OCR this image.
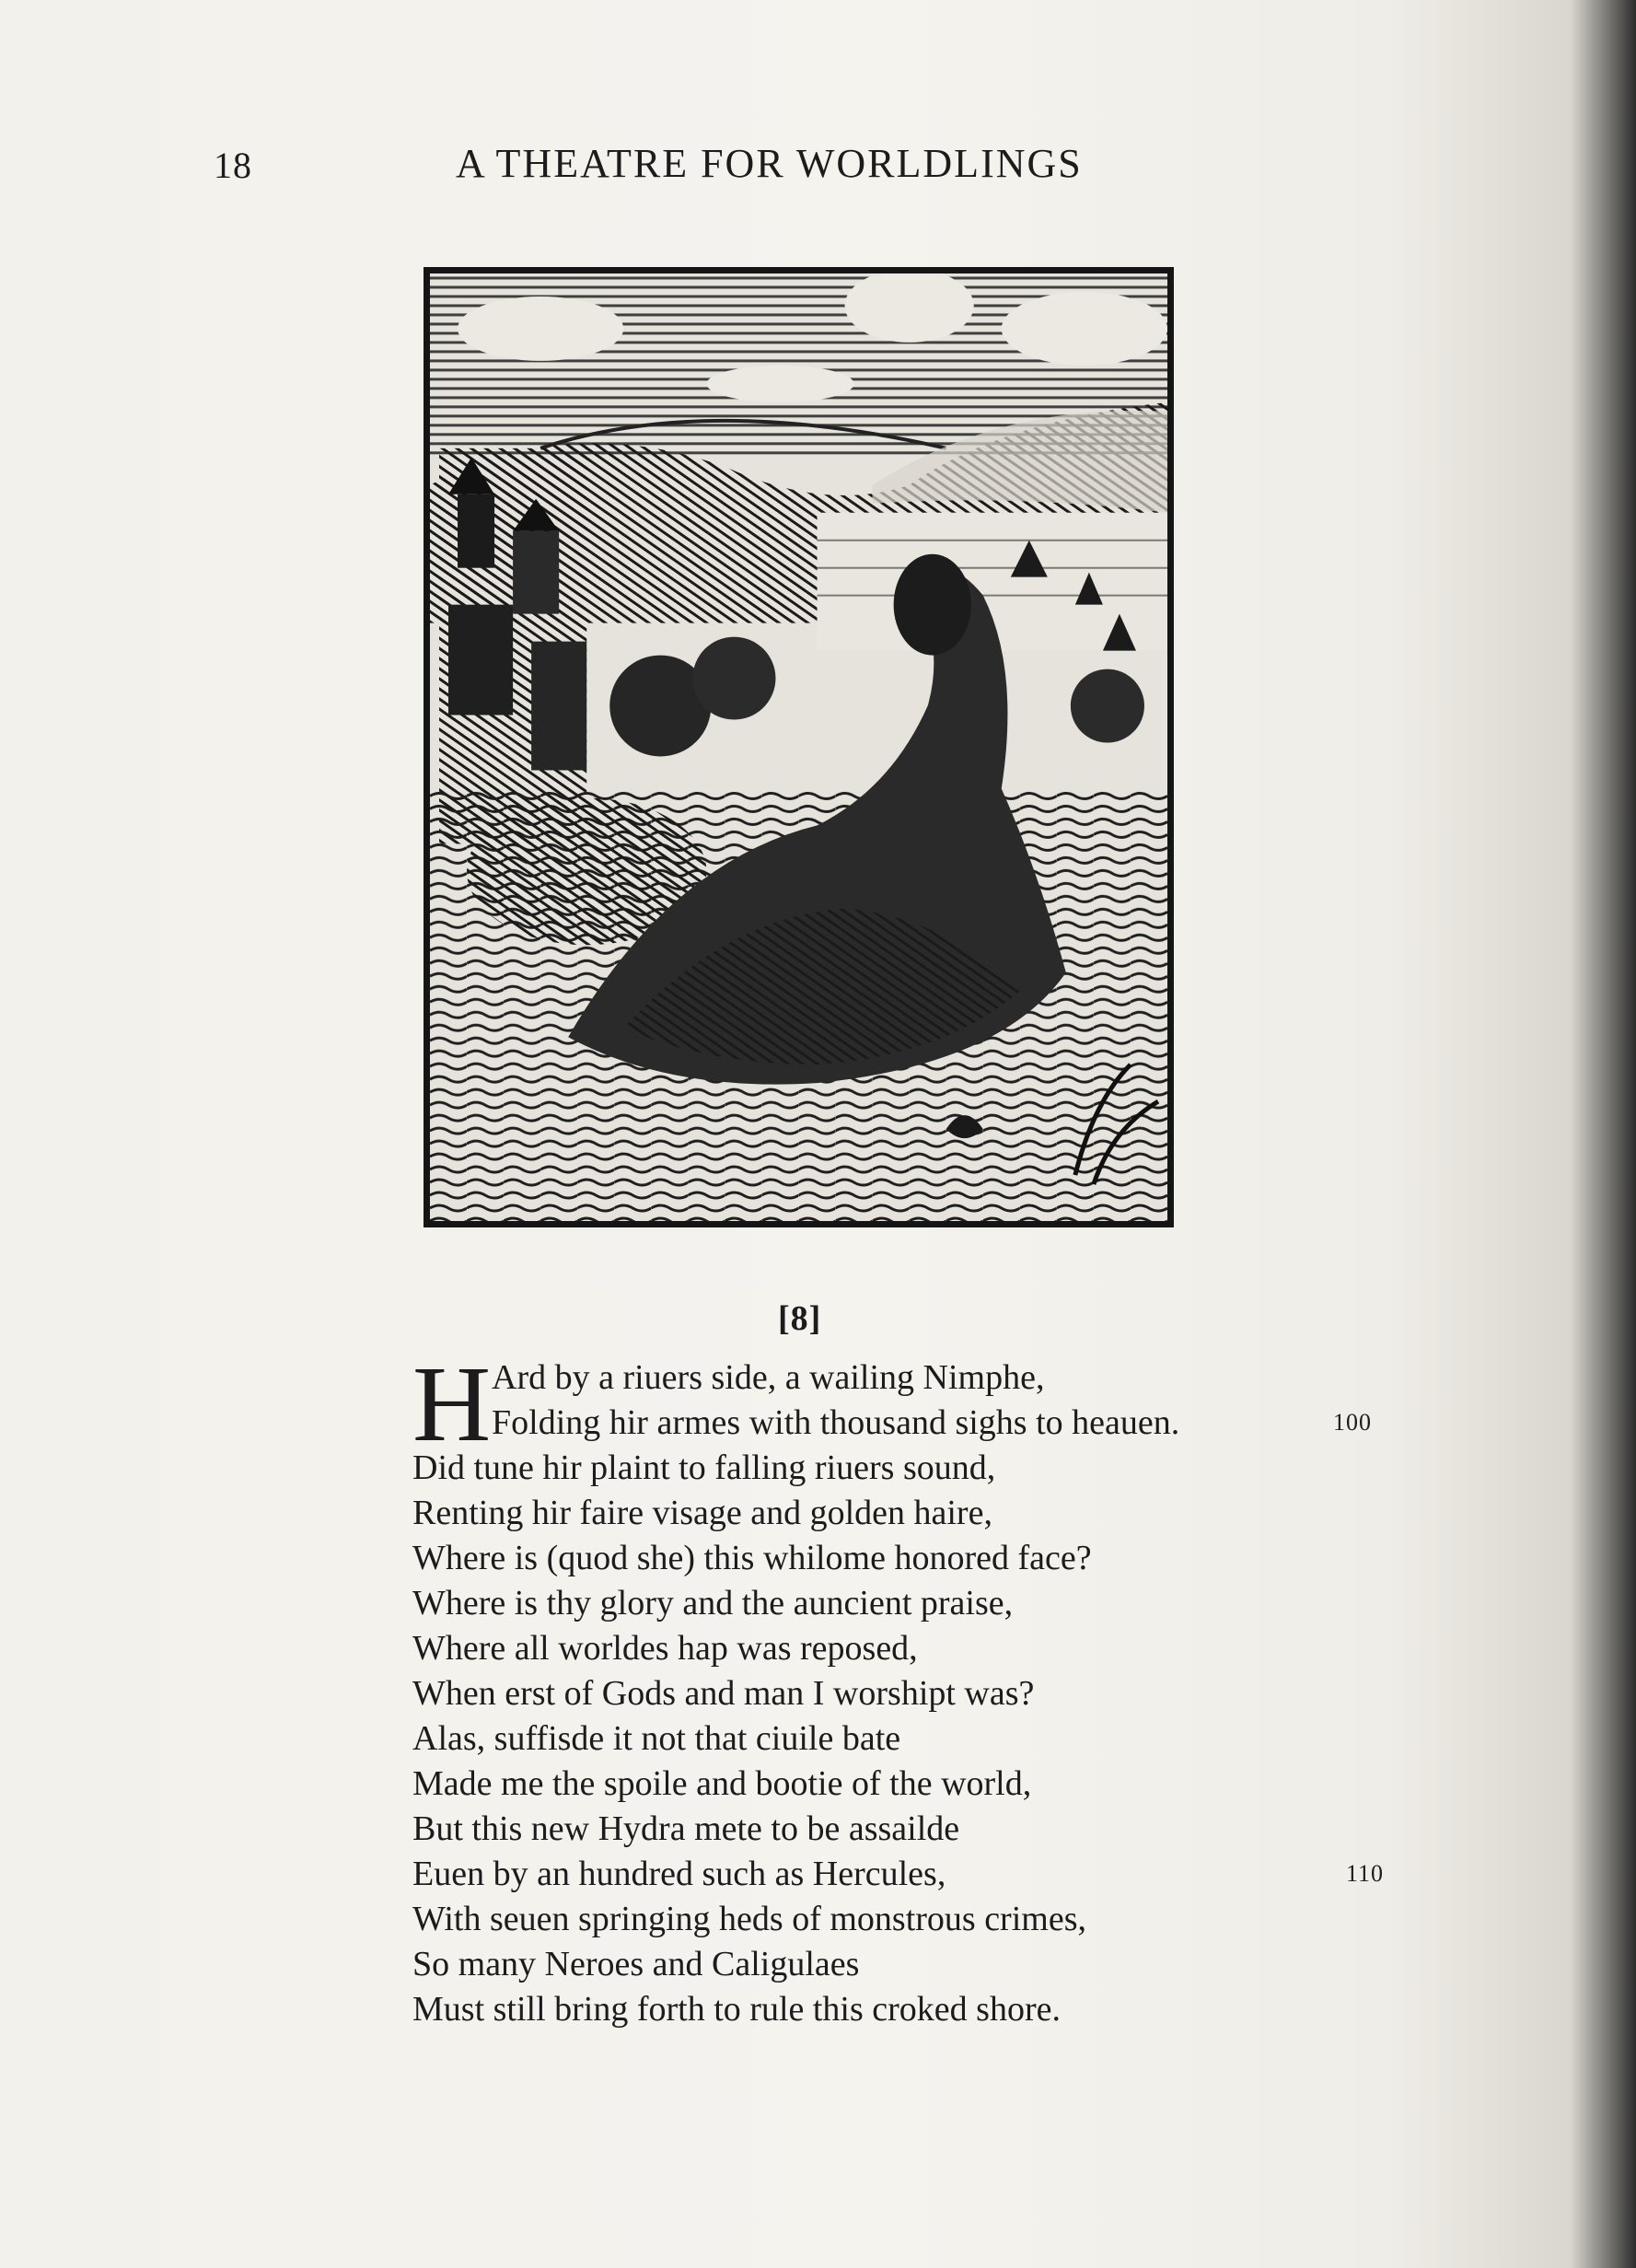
18	A THEATRE FOR WORLDLINGS
[8]
H Ard by a riuers side, a wailing Nimphe,
Folding hir armes with thousand sighs to heauen.
Did tune hir plaint to falling riuers sound,
Renting hir faire visage and golden haire,
Where is (quod she) this whilome honored face?
Where is thy glory and the auncient praise,
Where all worldes hap was reposed,
When erst of Gods and man I worshipt was?
Alas, suffisde it not that ciuile bate
Made me the spoile and bootie of the world,
But this new Hydra mete to be assailde
Euen by an hundred such as Hercules,
With seuen springing heds of monstrous crimes,
So many Neroes and Caligulaes
Must still bring forth to rule this croked shore.
100
110
